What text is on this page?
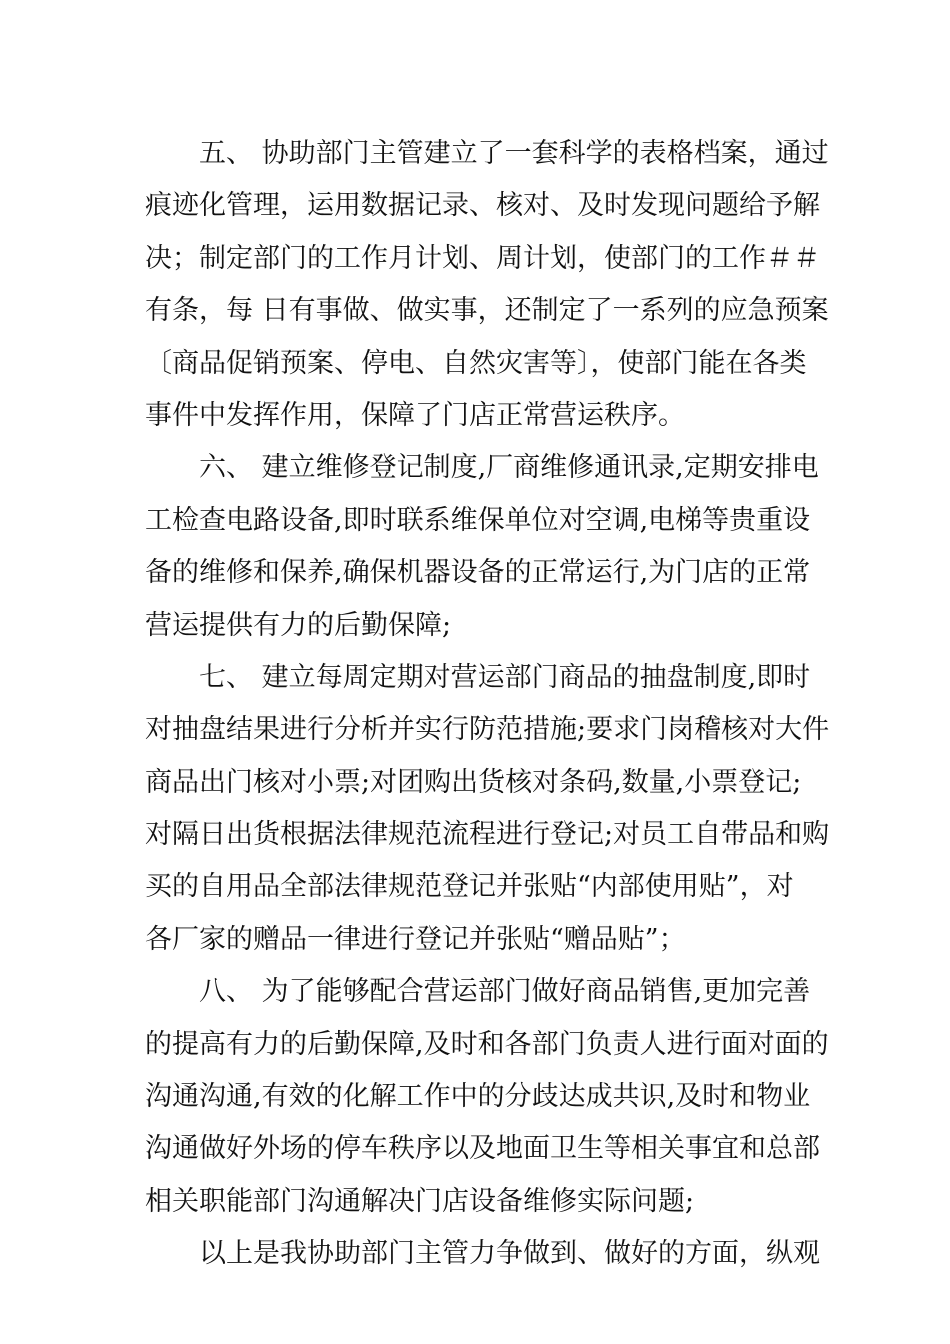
五、 协助部门主管建立了一套科学的表格档案，通过
痕迹化管理，运用数据记录、核对、及时发现问题给予解
决；制定部门的工作月计划、周计划，使部门的工作＃＃
有条，每 日有事做、做实事，还制定了一系列的应急预案
〔商品促销预案、停电、自然灾害等〕，使部门能在各类
事件中发挥作用，保障了门店正常营运秩序。
六、 建立维修登记制度,厂商维修通讯录,定期安排电
工检查电路设备,即时联系维保单位对空调,电梯等贵重设
备的维修和保养,确保机器设备的正常运行,为门店的正常
营运提供有力的后勤保障;
七、 建立每周定期对营运部门商品的抽盘制度,即时
对抽盘结果进行分析并实行防范措施;要求门岗稽核对大件
商品出门核对小票;对团购出货核对条码,数量,小票登记;
对隔日出货根据法律规范流程进行登记;对员工自带品和购
买的自用品全部法律规范登记并张贴“内部使用贴”，对
各厂家的赠品一律进行登记并张贴“赠品贴”；
八、 为了能够配合营运部门做好商品销售,更加完善
的提高有力的后勤保障,及时和各部门负责人进行面对面的
沟通沟通,有效的化解工作中的分歧达成共识,及时和物业
沟通做好外场的停车秩序以及地面卫生等相关事宜和总部
相关职能部门沟通解决门店设备维修实际问题;
以上是我协助部门主管力争做到、做好的方面，纵观
